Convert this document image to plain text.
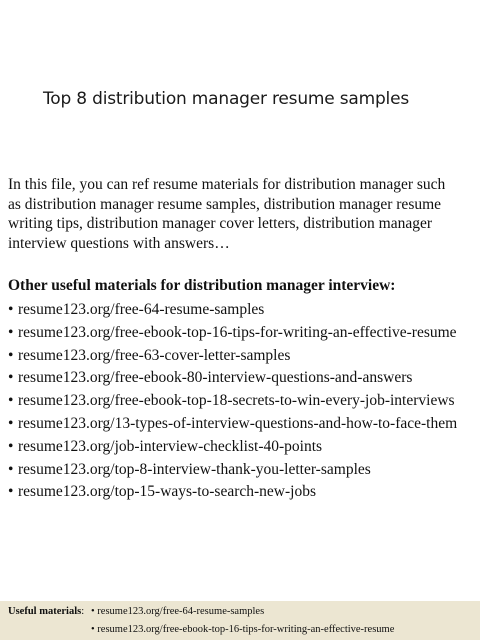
Top 8 distribution manager resume samples
In this file, you can ref resume materials for distribution manager such
as distribution manager resume samples, distribution manager resume
writing tips, distribution manager cover letters, distribution manager
interview questions with answers…
Other useful materials for distribution manager interview:
• resume123.org/free-64-resume-samples
• resume123.org/free-ebook-top-16-tips-for-writing-an-effective-resume
• resume123.org/free-63-cover-letter-samples
• resume123.org/free-ebook-80-interview-questions-and-answers
• resume123.org/free-ebook-top-18-secrets-to-win-every-job-interviews
• resume123.org/13-types-of-interview-questions-and-how-to-face-them
• resume123.org/job-interview-checklist-40-points
• resume123.org/top-8-interview-thank-you-letter-samples
• resume123.org/top-15-ways-to-search-new-jobs
Useful materials: • resume123.org/free-64-resume-samples
• resume123.org/free-ebook-top-16-tips-for-writing-an-effective-resume
